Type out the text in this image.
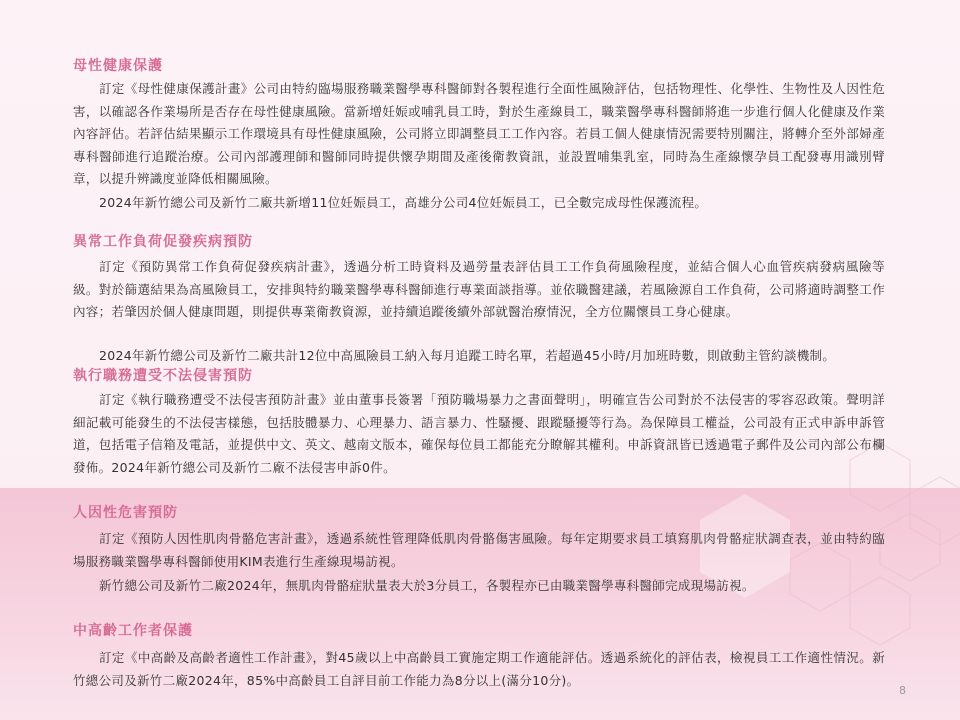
母性健康保護
訂定《母性健康保護計畫》公司由特約臨場服務職業醫學專科醫師對各製程進行全面性風險評估，包括物理性、化學性、生物性及人因性危害，以確認各作業場所是否存在母性健康風險。當新增妊娠或哺乳員工時，對於生產線員工，職業醫學專科醫師將進一步進行個人化健康及作業內容評估。若評估結果顯示工作環境具有母性健康風險，公司將立即調整員工工作內容。若員工個人健康情況需要特別關注，將轉介至外部婦產專科醫師進行追蹤治療。公司內部護理師和醫師同時提供懷孕期間及產後衛教資訊，並設置哺集乳室，同時為生產線懷孕員工配發專用識別臂章，以提升辨識度並降低相關風險。
2024年新竹總公司及新竹二廠共新增11位妊娠員工，高雄分公司4位妊娠員工，已全數完成母性保護流程。
異常工作負荷促發疾病預防
訂定《預防異常工作負荷促發疾病計畫》，透過分析工時資料及過勞量表評估員工工作負荷風險程度，並結合個人心血管疾病發病風險等級。對於篩選結果為高風險員工，安排與特約職業醫學專科醫師進行專業面談指導。並依職醫建議，若風險源自工作負荷，公司將適時調整工作內容；若肇因於個人健康問題，則提供專業衛教資源，並持續追蹤後續外部就醫治療情況，全方位關懷員工身心健康。
2024年新竹總公司及新竹二廠共計12位中高風險員工納入每月追蹤工時名單，若超過45小時/月加班時數，則啟動主管約談機制。
執行職務遭受不法侵害預防
訂定《執行職務遭受不法侵害預防計畫》並由董事長簽署「預防職場暴力之書面聲明」，明確宣告公司對於不法侵害的零容忍政策。聲明詳細記載可能發生的不法侵害樣態，包括肢體暴力、心理暴力、語言暴力、性騷擾、跟蹤騷擾等行為。為保障員工權益，公司設有正式申訴申訴管道，包括電子信箱及電話，並提供中文、英文、越南文版本，確保每位員工都能充分瞭解其權利。申訴資訊皆已透過電子郵件及公司內部公布欄發佈。2024年新竹總公司及新竹二廠不法侵害申訴0件。
人因性危害預防
訂定《預防人因性肌肉骨骼危害計畫》，透過系統性管理降低肌肉骨骼傷害風險。每年定期要求員工填寫肌肉骨骼症狀調查表，並由特約臨場服務職業醫學專科醫師使用KIM表進行生產線現場訪視。
新竹總公司及新竹二廠2024年，無肌肉骨骼症狀量表大於3分員工，各製程亦已由職業醫學專科醫師完成現場訪視。
中高齡工作者保護
訂定《中高齡及高齡者適性工作計畫》，對45歲以上中高齡員工實施定期工作適能評估。透過系統化的評估表，檢視員工工作適性情況。新竹總公司及新竹二廠2024年，85%中高齡員工自評目前工作能力為8分以上(滿分10分)。
8
